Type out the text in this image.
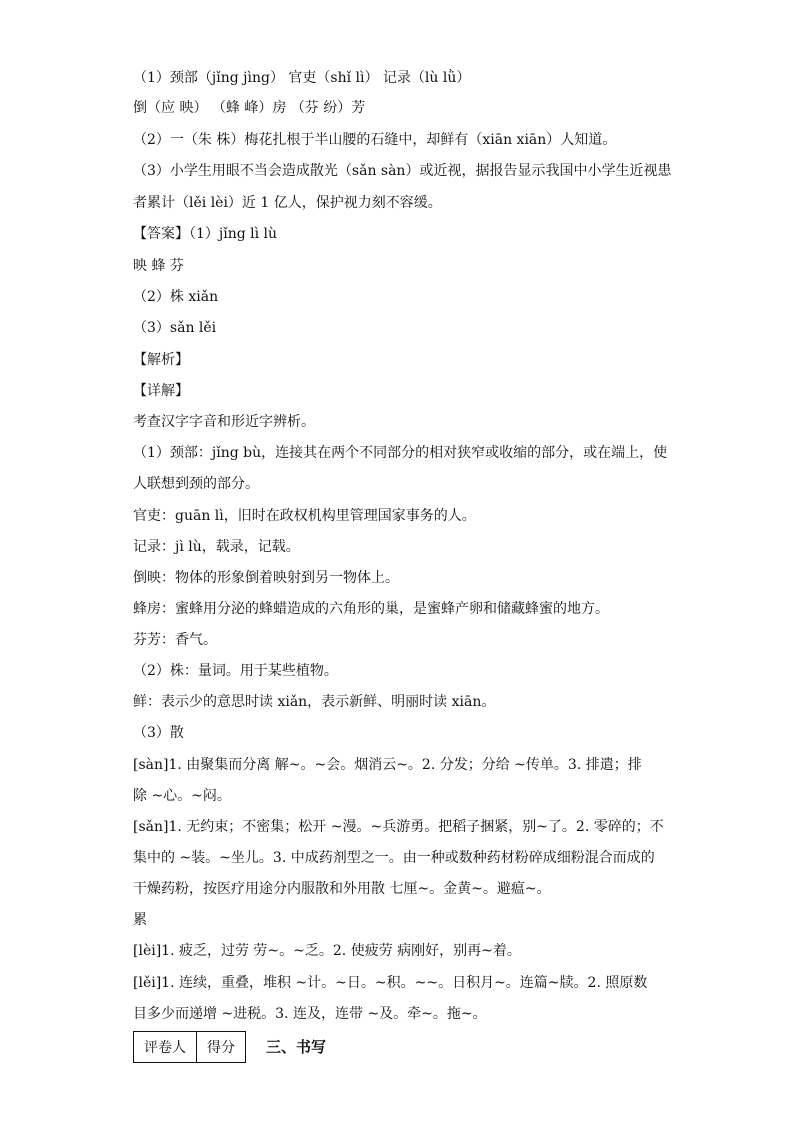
（1）颈部（jǐng jìng） 官吏（shǐ lì） 记录（lù lǜ）
倒（应 映） （蜂 峰）房 （芬 纷）芳
（2）一（朱 株）梅花扎根于半山腰的石缝中，却鲜有（xiān xiān）人知道。
（3）小学生用眼不当会造成散光（sǎn sàn）或近视，据报告显示我国中小学生近视患
者累计（lěi lèi）近 1 亿人，保护视力刻不容缓。
【答案】（1）jǐng lì lù
映 蜂 芬
（2）株 xiǎn
（3）sǎn lěi
【解析】
【详解】
考查汉字字音和形近字辨析。
（1）颈部：jǐng bù，连接其在两个不同部分的相对狭窄或收缩的部分，或在端上，使
人联想到颈的部分。
官吏：guān lì，旧时在政权机构里管理国家事务的人。
记录：jì lù，载录，记载。
倒映：物体的形象倒着映射到另一物体上。
蜂房：蜜蜂用分泌的蜂蜡造成的六角形的巢，是蜜蜂产卵和储藏蜂蜜的地方。
芬芳：香气。
（2）株：量词。用于某些植物。
鲜：表示少的意思时读 xiǎn，表示新鲜、明丽时读 xiān。
（3）散
[sàn]1. 由聚集而分离 解~。~会。烟消云~。2. 分发；分给 ~传单。3. 排遣；排
除 ~心。~闷。
[sǎn]1. 无约束；不密集；松开 ~漫。~兵游勇。把稻子捆紧，别~了。2. 零碎的；不
集中的 ~装。~坐儿。3. 中成药剂型之一。由一种或数种药材粉碎成细粉混合而成的
干燥药粉，按医疗用途分内服散和外用散 七厘~。金黄~。避瘟~。
累
[lèi]1. 疲乏，过劳 劳~。~乏。2. 使疲劳 病刚好，别再~着。
[lěi]1. 连续，重叠，堆积 ~计。~日。~积。~~。日积月~。连篇~牍。2. 照原数
目多少而递增 ~进税。3. 连及，连带 ~及。牵~。拖~。
评卷人	得分 三、书写
